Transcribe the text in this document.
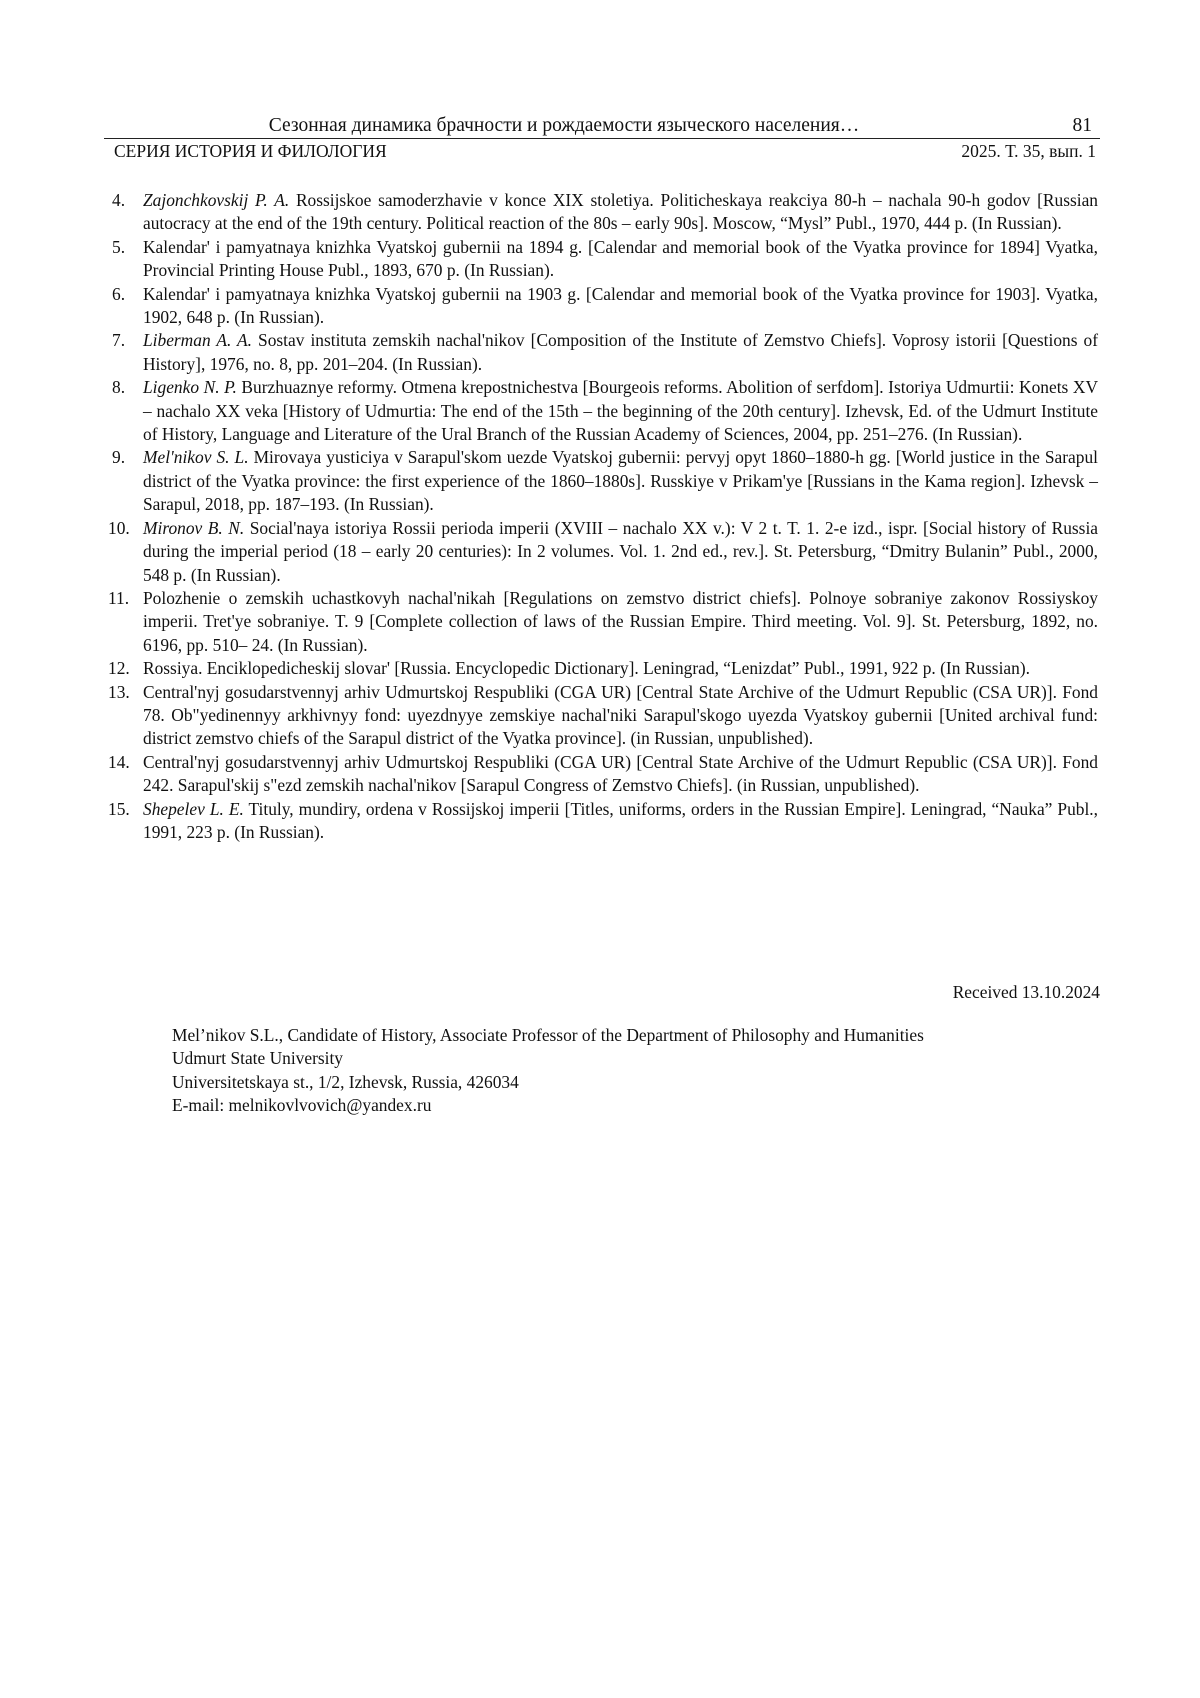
Сезонная динамика брачности и рождаемости языческого населения…	81
СЕРИЯ ИСТОРИЯ И ФИЛОЛОГИЯ	2025. Т. 35, вып. 1
4. Zajonchkovskij P. A. Rossijskoe samoderzhavie v konce XIX stoletiya. Politicheskaya reakciya 80-h – nachala 90-h godov [Russian autocracy at the end of the 19th century. Political reaction of the 80s – early 90s]. Moscow, “Mysl” Publ., 1970, 444 p. (In Russian).
5. Kalendar' i pamyatnaya knizhka Vyatskoj gubernii na 1894 g. [Calendar and memorial book of the Vyatka province for 1894] Vyatka, Provincial Printing House Publ., 1893, 670 p. (In Russian).
6. Kalendar' i pamyatnaya knizhka Vyatskoj gubernii na 1903 g. [Calendar and memorial book of the Vyatka province for 1903]. Vyatka, 1902, 648 p. (In Russian).
7. Liberman A. A. Sostav instituta zemskih nachal'nikov [Composition of the Institute of Zemstvo Chiefs]. Voprosy istorii [Questions of History], 1976, no. 8, pp. 201–204. (In Russian).
8. Ligenko N. P. Burzhuaznye reformy. Otmena krepostnichestva [Bourgeois reforms. Abolition of serfdom]. Istoriya Udmurtii: Konets XV – nachalo XX veka [History of Udmurtia: The end of the 15th – the beginning of the 20th century]. Izhevsk, Ed. of the Udmurt Institute of History, Language and Literature of the Ural Branch of the Russian Academy of Sciences, 2004, pp. 251–276. (In Russian).
9. Mel'nikov S. L. Mirovaya yusticiya v Sarapul'skom uezde Vyatskoj gubernii: pervyj opyt 1860–1880-h gg. [World justice in the Sarapul district of the Vyatka province: the first experience of the 1860–1880s]. Russkiye v Prikam'ye [Russians in the Kama region]. Izhevsk – Sarapul, 2018, pp. 187–193. (In Russian).
10. Mironov B. N. Social'naya istoriya Rossii perioda imperii (XVIII – nachalo XX v.): V 2 t. T. 1. 2-e izd., ispr. [Social history of Russia during the imperial period (18 – early 20 centuries): In 2 volumes. Vol. 1. 2nd ed., rev.]. St. Petersburg, “Dmitry Bulanin” Publ., 2000, 548 p. (In Russian).
11. Polozhenie o zemskih uchastkovyh nachal'nikah [Regulations on zemstvo district chiefs]. Polnoye sobraniye zakonov Rossiyskoy imperii. Tret'ye sobraniye. T. 9 [Complete collection of laws of the Russian Empire. Third meeting. Vol. 9]. St. Petersburg, 1892, no. 6196, pp. 510– 24. (In Russian).
12. Rossiya. Enciklopedicheskij slovar' [Russia. Encyclopedic Dictionary]. Leningrad, “Lenizdat” Publ., 1991, 922 p. (In Russian).
13. Central'nyj gosudarstvennyj arhiv Udmurtskoj Respubliki (CGA UR) [Central State Archive of the Udmurt Republic (CSA UR)]. Fond 78. Ob"yedinennyy arkhivnyy fond: uyezdnyye zemskiye nachal'niki Sarapul'skogo uyezda Vyatskoy gubernii [United archival fund: district zemstvo chiefs of the Sarapul district of the Vyatka province]. (in Russian, unpublished).
14. Central'nyj gosudarstvennyj arhiv Udmurtskoj Respubliki (CGA UR) [Central State Archive of the Udmurt Republic (CSA UR)]. Fond 242. Sarapul'skij s"ezd zemskih nachal'nikov [Sarapul Congress of Zemstvo Chiefs]. (in Russian, unpublished).
15. Shepelev L. E. Tituly, mundiry, ordena v Rossijskoj imperii [Titles, uniforms, orders in the Russian Empire]. Leningrad, “Nauka” Publ., 1991, 223 p. (In Russian).
Received 13.10.2024
Mel’nikov S.L., Candidate of History, Associate Professor of the Department of Philosophy and Humanities
Udmurt State University
Universitetskaya st., 1/2, Izhevsk, Russia, 426034
E-mail: melnikovlvovich@yandex.ru
